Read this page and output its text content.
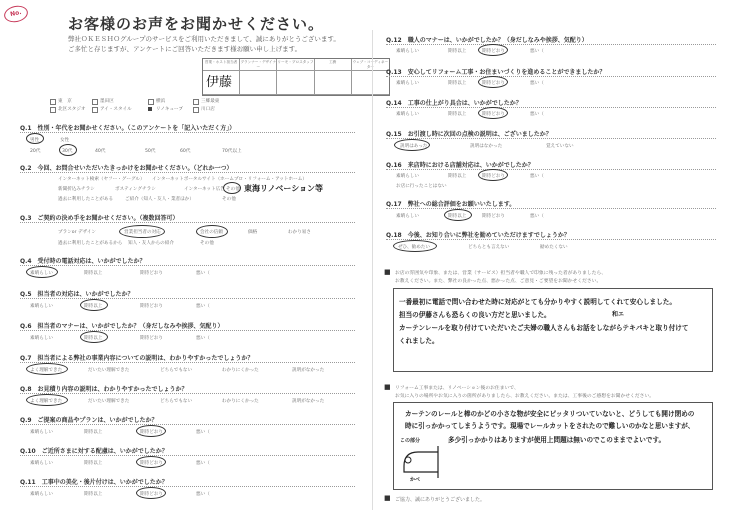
No.
お客様のお声をお聞かせください。
弊社ＯＫＥＳＨＯグループのサービスをご利用いただきまして、誠にありがとうございます。
ご多忙と存じますが、アンケートにご回答いただきます様お願い申し上げます。
営業・ホスト担当者 プランナー・デザイナー
リーモ・プロスタッフ	工務	ウェブ・コーディネーター
伊藤
東　京	墨田区	横浜	三郷最東
北区スタジオ	アイ・スタイル	リノキューブ	川口店
Q.1　性別・年代をお聞かせください。（このアンケートを「記入いただく方」）
男性	女性
20代	30代	40代	50代	60代	70代以上
Q.2　今回、お問合せいただいたきっかけをお聞かせください。（どれか一つ）
インターネット検索（ヤフー・グーグル） インターネットポータルサイト（ホームプロ・リフォーム・アットホーム）
新聞折込みチラシ	ポスティングチラシ	インターネット広告 その他 東海リノベーション等
過去に利用したことがある	ご紹介（知人・友人・業者ほか）	その他
Q.3　ご契約の決め手をお聞かせください。（複数回答可）
プランor デザイン	営業担当者の対応	会社の信頼	価格	わかり易さ
過去に利用したことがあるから 知人・友人からの紹介	その他
Q.4　受付時の電話対応は、いかがでしたか？
素晴らしい	期待以上	期待どおり	悪い（
Q.5　担当者の対応は、いかがでしたか？
素晴らしい	期待以上	期待どおり	悪い（
Q.6　担当者のマナーは、いかがでしたか？（身だしなみや挨拶、気配り）
素晴らしい	期待以上	期待どおり	悪い（
Q.7　担当者による弊社の事業内容についての説明は、わかりやすかったでしょうか？
よく理解できた	だいたい理解できた	どちらでもない	わかりにくかった	説明がなかった
Q.8　お見積り内容の説明は、わかりやすかったでしょうか？
よく理解できた	だいたい理解できた	どちらでもない	わかりにくかった	説明がなかった
Q.9　ご提案の商品やプランは、いかがでしたか？
素晴らしい	期待以上	期待どおり	悪い（
Q.10　ご近所さまに対する配慮は、いかがでしたか？
素晴らしい	期待以上	期待どおり	悪い（
Q.11　工事中の美化・後片付けは、いかがでしたか？
素晴らしい	期待以上	期待どおり	悪い（
Q.12　職人のマナーは、いかがでしたか？（身だしなみや挨拶、気配り）
素晴らしい	期待以上	期待どおり	悪い（
Q.13　安心してリフォーム工事・お住まいづくりを進めることができましたか？
素晴らしい	期待以上	期待どおり	悪い（
Q.14　工事の仕上がり具合は、いかがでしたか？
素晴らしい	期待以上	期待どおり	悪い（
Q.15　お引渡し時に次回の点検の説明は、ございましたか？
説明はあった	説明はなかった	覚えていない
Q.16　来店時における店舗対応は、いかがでしたか？
素晴らしい	期待以上	期待どおり	悪い（
お店に行ったことはない
Q.17　弊社への総合評価をお願いいたします。
素晴らしい	期待以上	期待どおり	悪い（
Q.18　今後、お知り合いに弊社を勧めていただけますでしょうか？
ぜひ、勧めたい	どちらとも言えない	勧めたくない
■ お店の雰囲気や印象、または、営業（サービス）担当者や職人で印象に残った者がありましたら、
お教えください。また、弊社の良かった点、悪かった点、ご意見・ご要望をお聞かせください。
一番最初に電話で問い合わせた時に対応がとても分かりやすく説明してくれて安心しました。
担当の伊藤さんも恐らくの良い方だと思いました。	和エ
カーテンレールを取り付けていただいたご夫婦の職人さんもお話をしながらテキパキと取り付けて
くれました。
■ リフォーム工事または、リノベーション後のお住まいで、
お気に入りの場所やお気に入りの箇所がありましたら、お教えください。または、工事後のご感想をお聞かせください。
カーテンのレールと棒のかどの小さな物が安全にピッタリついていないと、どうしても開け閉めの
時に引っかかってしまうようです。現場でレールカットをされたので難しいのかなと思いますが、
多少引っかかりはありますが使用上問題は無いのでこのままでよいです。
この部分
かべ
■ ご協力、誠にありがとうございました。
